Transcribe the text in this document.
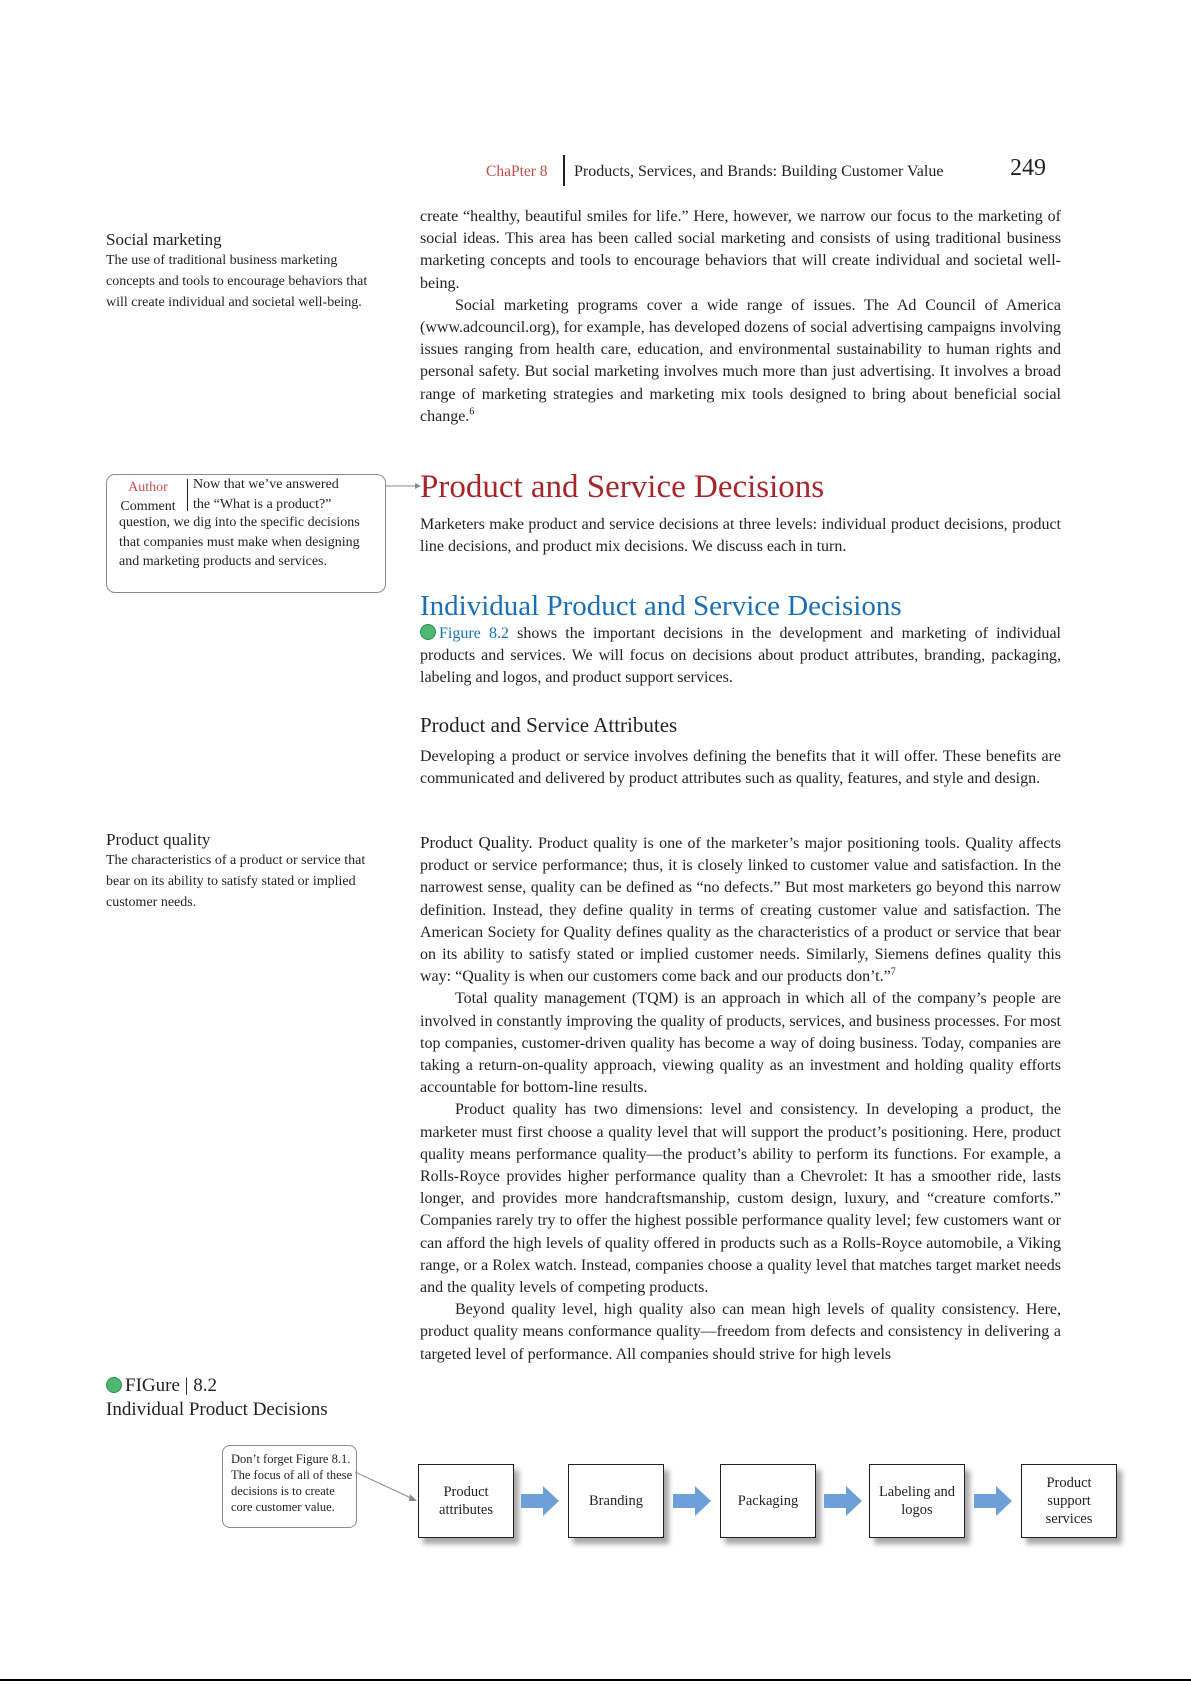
ChaPter 8 Products, Services, and Brands: Building Customer Value	249

create “healthy, beautiful smiles for life.” Here, however, we narrow our focus to the marketing of social ideas. This area has been called social marketing and consists of using traditional business marketing concepts and tools to encourage behaviors that will create individual and societal well-being.

Social marketing programs cover a wide range of issues. The Ad Council of America (www.adcouncil.org), for example, has developed dozens of social advertising campaigns involving issues ranging from health care, education, and environmental sustainability to human rights and personal safety. But social marketing involves much more than just advertising. It involves a broad range of marketing strategies and marketing mix tools designed to bring about beneficial social change.$^6$

Social marketing

The use of traditional business marketing concepts and tools to encourage behaviors that will create individual and societal well-being.

Author
Comment
Now that we’ve answered
the “What is a product?”
question, we dig into the specific decisions that companies must make when designing and marketing products and services.
Product and Service Decisions

Marketers make product and service decisions at three levels: individual product decisions, product line decisions, and product mix decisions. We discuss each in turn.

Individual Product and Service Decisions

Figure 8.2 shows the important decisions in the development and marketing of individual products and services. We will focus on decisions about product attributes, branding, packaging, labeling and logos, and product support services.

Product and Service Attributes

Developing a product or service involves defining the benefits that it will offer. These benefits are communicated and delivered by product attributes such as quality, features, and style and design.

Product quality

The characteristics of a product or service that bear on its ability to satisfy stated or implied customer needs.

Product Quality. Product quality is one of the marketer’s major positioning tools. Quality affects product or service performance; thus, it is closely linked to customer value and satisfaction. In the narrowest sense, quality can be defined as “no defects.” But most marketers go beyond this narrow definition. Instead, they define quality in terms of creating customer value and satisfaction. The American Society for Quality defines quality as the characteristics of a product or service that bear on its ability to satisfy stated or implied customer needs. Similarly, Siemens defines quality this way: “Quality is when our customers come back and our products don’t.”$^7$

Total quality management (TQM) is an approach in which all of the company’s people are involved in constantly improving the quality of products, services, and business processes. For most top companies, customer-driven quality has become a way of doing business. Today, companies are taking a return-on-quality approach, viewing quality as an investment and holding quality efforts accountable for bottom-line results.

Product quality has two dimensions: level and consistency. In developing a product, the marketer must first choose a quality level that will support the product’s positioning. Here, product quality means performance quality—the product’s ability to perform its functions. For example, a Rolls-Royce provides higher performance quality than a Chevrolet: It has a smoother ride, lasts longer, and provides more handcraftsmanship, custom design, luxury, and “creature comforts.” Companies rarely try to offer the highest possible performance quality level; few customers want or can afford the high levels of quality offered in products such as a Rolls-Royce automobile, a Viking range, or a Rolex watch. Instead, companies choose a quality level that matches target market needs and the quality levels of competing products.

Beyond quality level, high quality also can mean high levels of quality consistency. Here, product quality means conformance quality—freedom from defects and consistency in delivering a targeted level of performance. All companies should strive for high levels

FIGure | 8.2
Individual Product Decisions
Don’t forget Figure 8.1. The focus of all of these decisions is to create core customer value.
Product attributes
Branding	Packaging
Labeling and logos
Product support services
